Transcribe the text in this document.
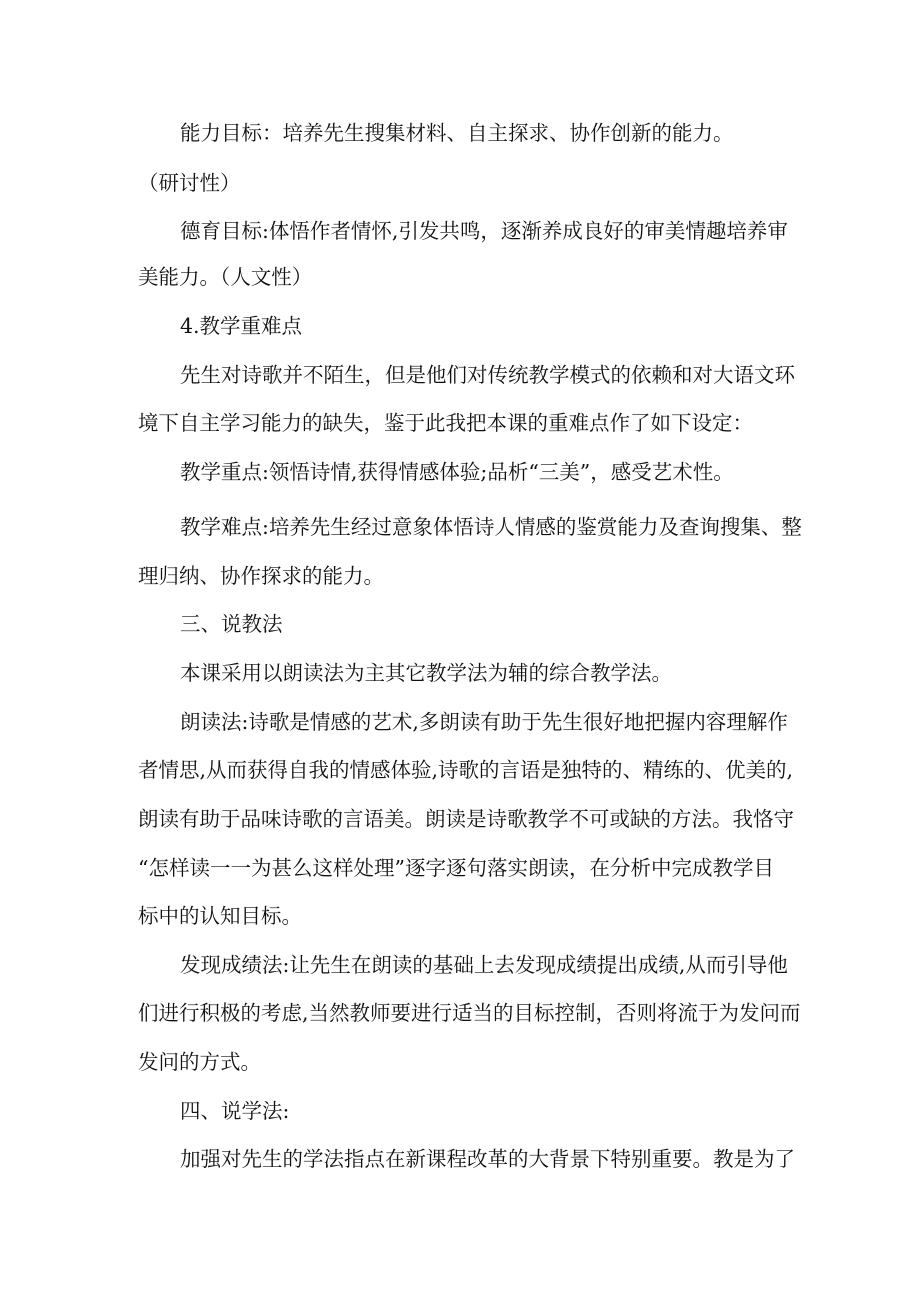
能力目标：培养先生搜集材料、自主探求、协作创新的能力。

（研讨性）

德育目标:体悟作者情怀,引发共鸣，逐渐养成良好的审美情趣培养审

美能力。（人文性）

4.教学重难点

先生对诗歌并不陌生，但是他们对传统教学模式的依赖和对大语文环

境下自主学习能力的缺失，鉴于此我把本课的重难点作了如下设定：

教学重点:领悟诗情,获得情感体验;品析“三美”，感受艺术性。

教学难点:培养先生经过意象体悟诗人情感的鉴赏能力及查询搜集、整

理归纳、协作探求的能力。

三、说教法

本课采用以朗读法为主其它教学法为辅的综合教学法。

朗读法:诗歌是情感的艺术,多朗读有助于先生很好地把握内容理解作

者情思,从而获得自我的情感体验,诗歌的言语是独特的、精练的、优美的,

朗读有助于品味诗歌的言语美。朗读是诗歌教学不可或缺的方法。我恪守

“怎样读一一为甚么这样处理”逐字逐句落实朗读，在分析中完成教学目

标中的认知目标。

发现成绩法:让先生在朗读的基础上去发现成绩提出成绩,从而引导他

们进行积极的考虑,当然教师要进行适当的目标控制，否则将流于为发问而

发问的方式。

四、说学法:

加强对先生的学法指点在新课程改革的大背景下特别重要。教是为了
